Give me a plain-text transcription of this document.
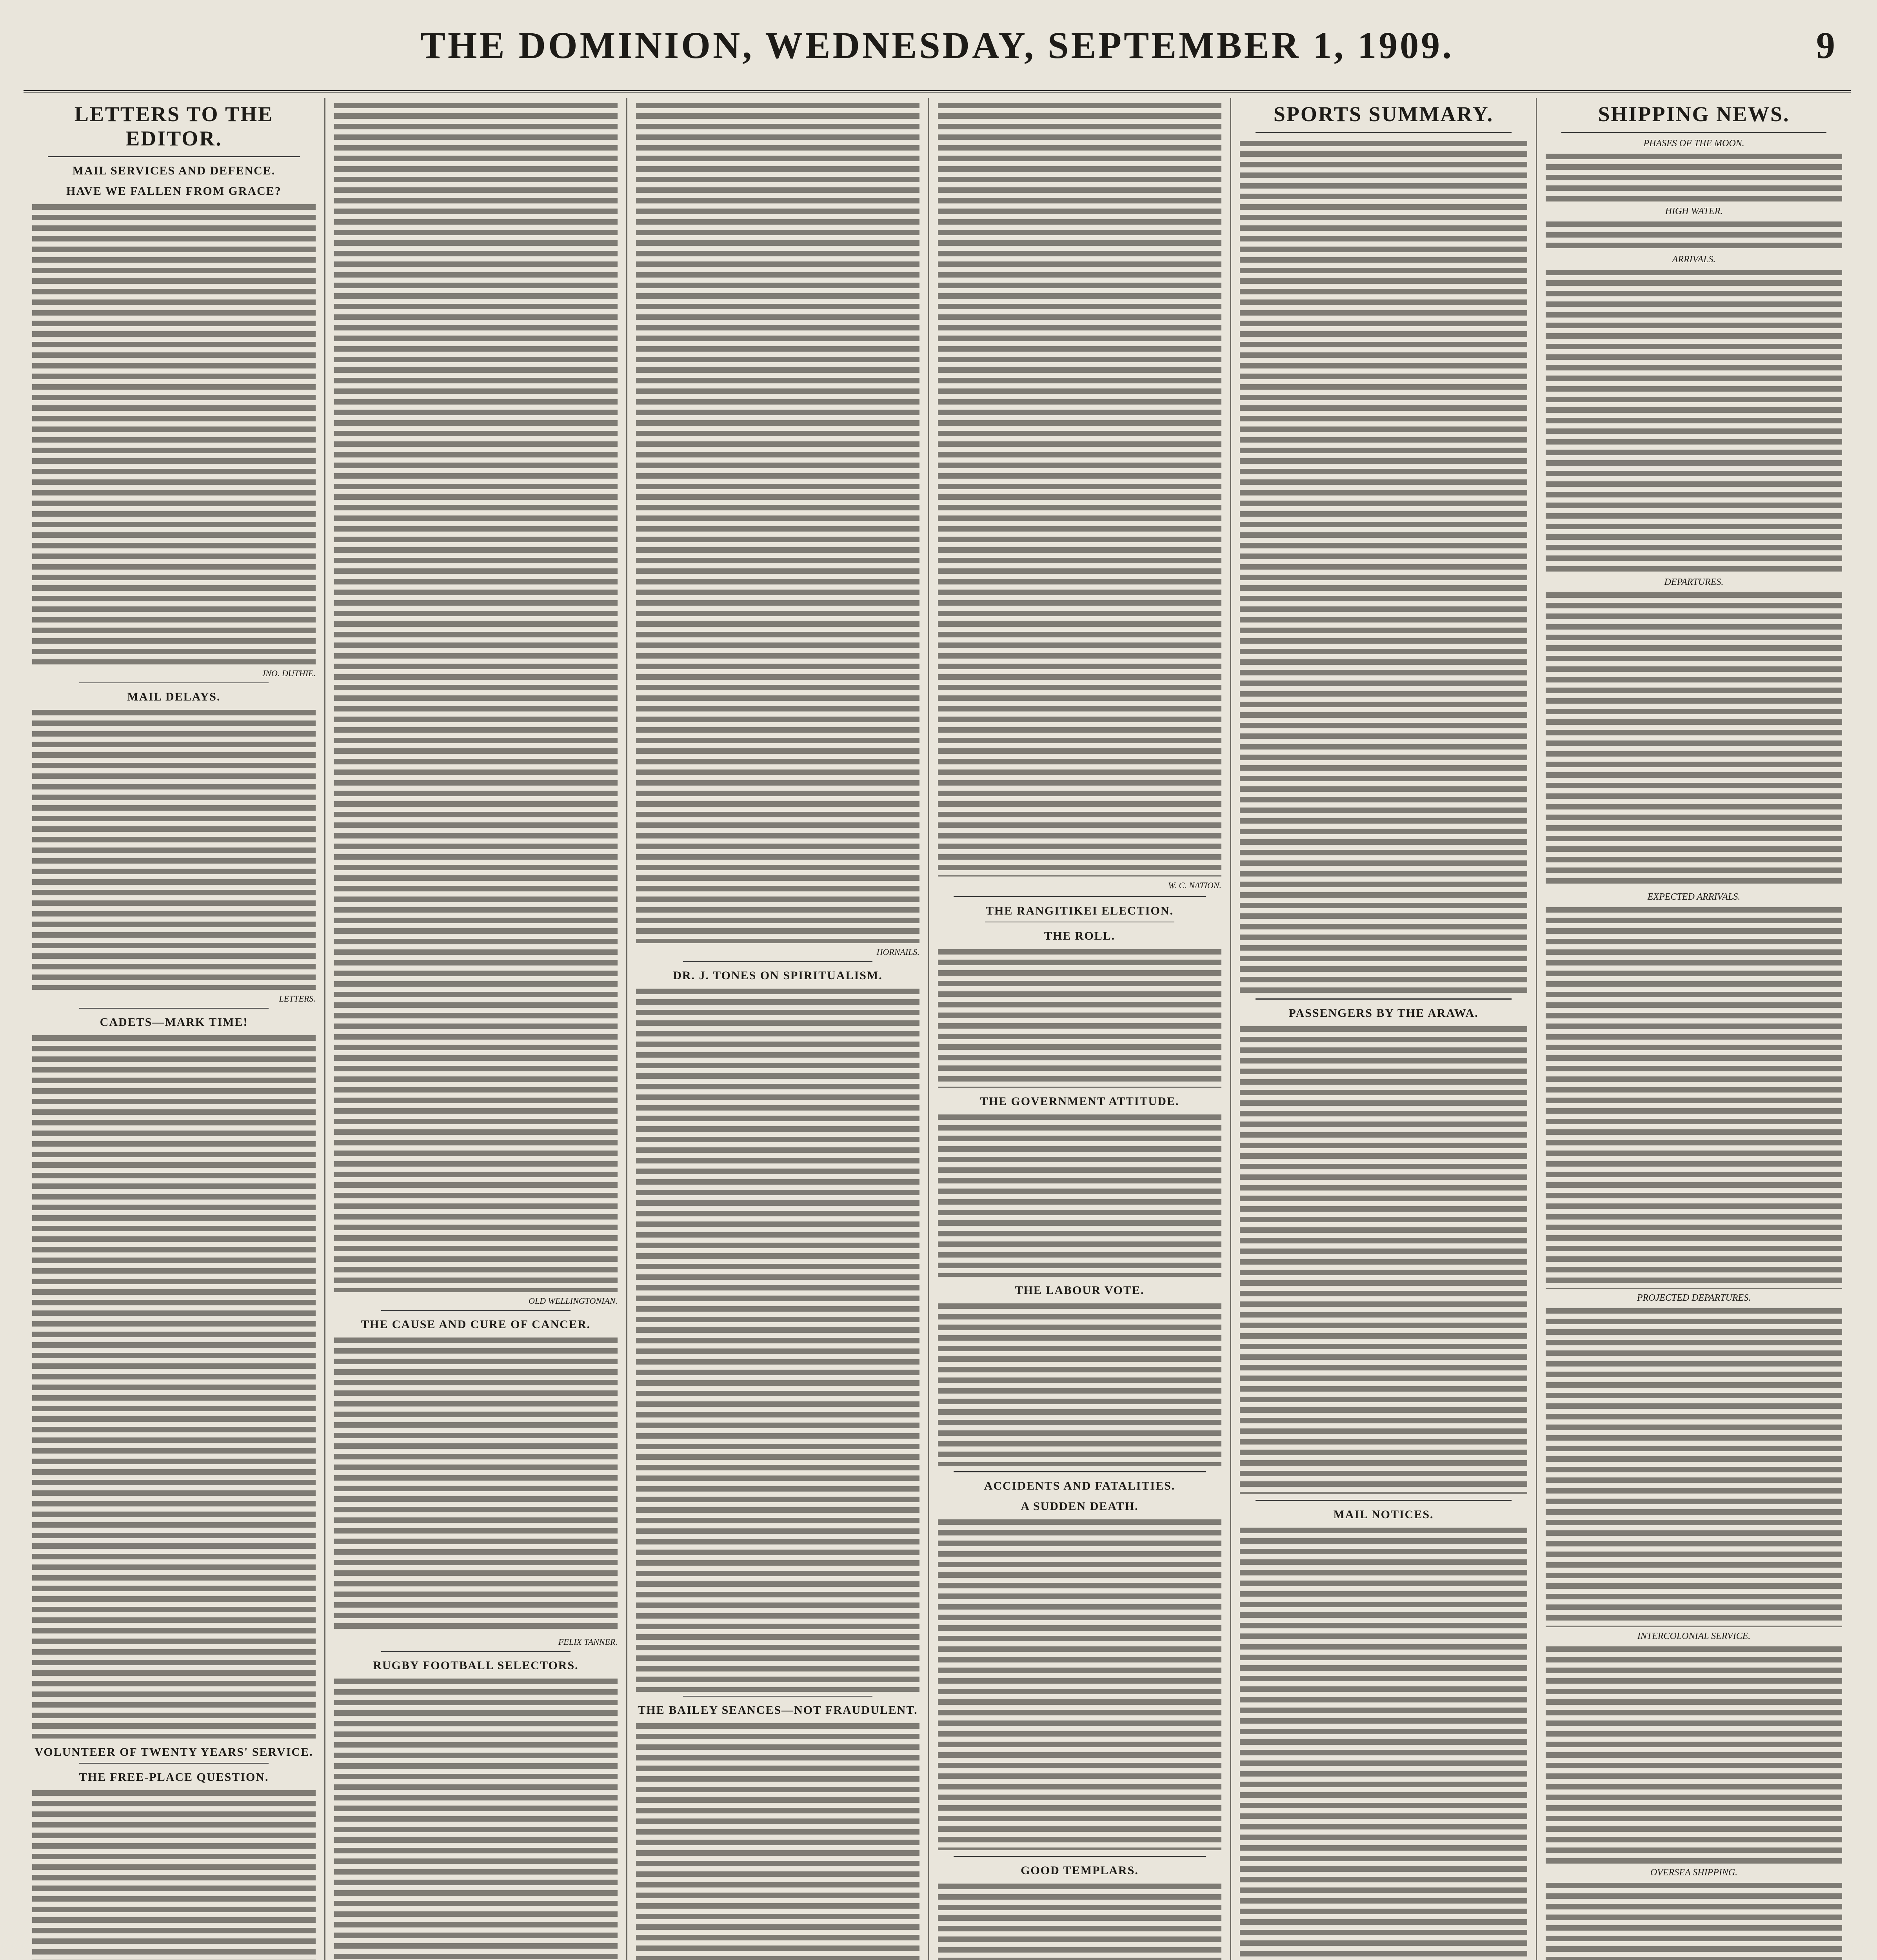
THE DOMINION, WEDNESDAY, SEPTEMBER 1, 1909.	9
LETTERS TO THE EDITOR.
MAIL SERVICES AND DEFENCE.
HAVE WE FALLEN FROM GRACE?
JNO. DUTHIE.
MAIL DELAYS.
LETTERS.
CADETS—MARK TIME!
VOLUNTEER OF TWENTY YEARS' SERVICE.
THE FREE-PLACE QUESTION.
OLD WELLINGTONIAN.
THE CAUSE AND CURE OF CANCER.
FELIX TANNER.
RUGBY FOOTBALL SELECTORS.
HORNAILS.
DR. J. TONES ON SPIRITUALISM.
THE BAILEY SEANCES—NOT FRAUDULENT.
W. C. NATION.
THE RANGITIKEI ELECTION.
THE ROLL.
THE GOVERNMENT ATTITUDE.
THE LABOUR VOTE.
ACCIDENTS AND FATALITIES.
A SUDDEN DEATH.
GOOD TEMPLARS.
SPORTS SUMMARY.
PASSENGERS BY THE ARAWA.
MAIL NOTICES.
SHIPPING NEWS.
PHASES OF THE MOON.
HIGH WATER.
ARRIVALS.
DEPARTURES.
EXPECTED ARRIVALS.
PROJECTED DEPARTURES.
INTERCOLONIAL SERVICE.
OVERSEA SHIPPING.
